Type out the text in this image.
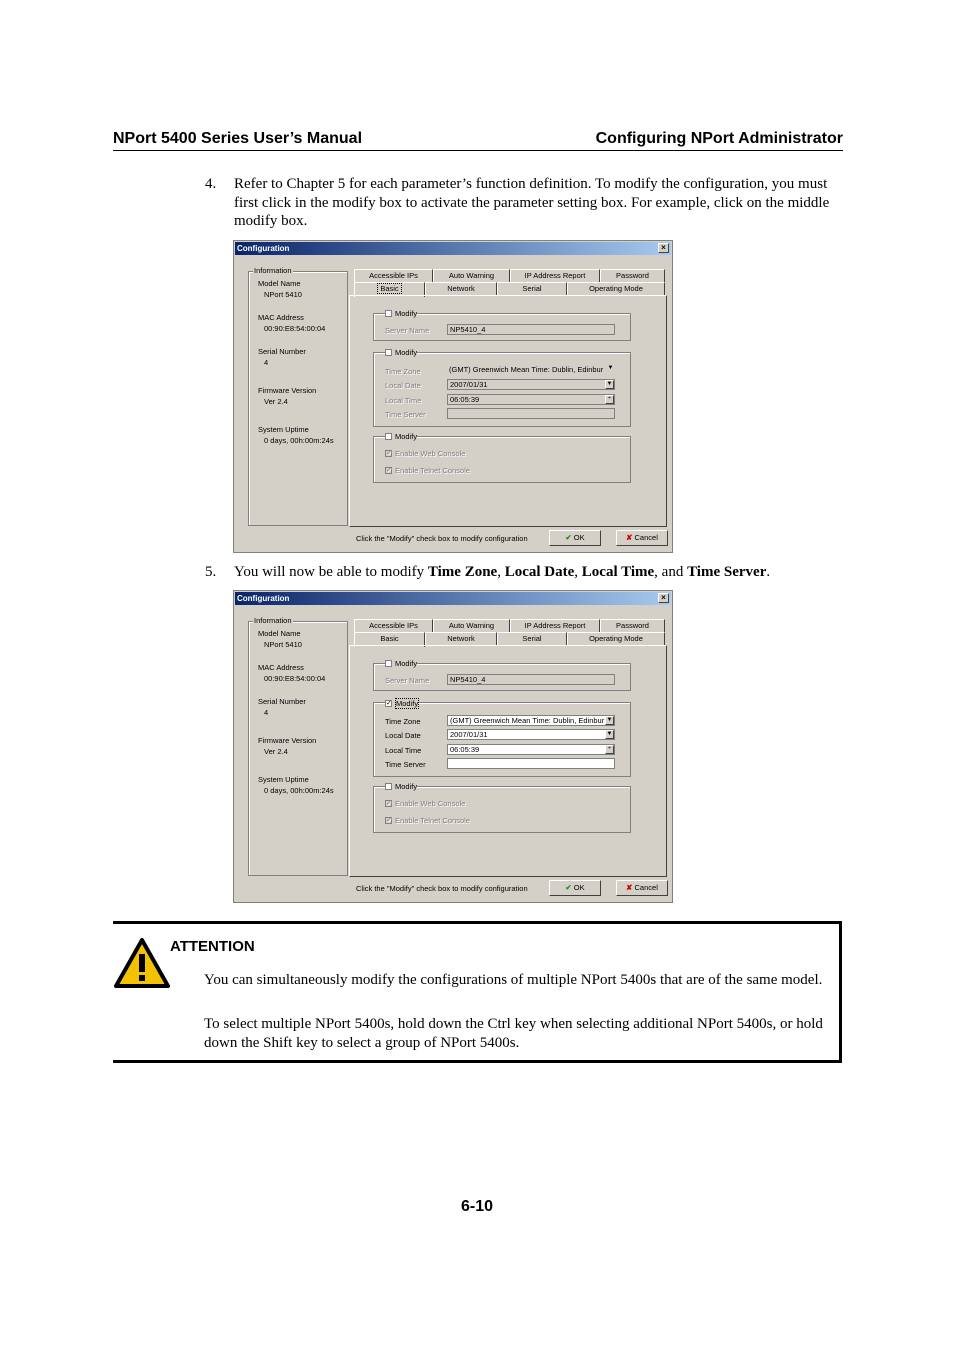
NPort 5400 Series User’s Manual	Configuring NPort Administrator
4. Refer to Chapter 5 for each parameter’s function definition. To modify the configuration, you must first click in the modify box to activate the parameter setting box. For example, click on the middle modify box.
Configuration	×
Information
Model Name
NPort 5410
MAC Address
00:90:E8:54:00:04
Serial Number
4
Firmware Version
Ver 2.4
System Uptime
0 days, 00h:00m:24s
Accessible IPs	Auto Warning	IP Address Report	Password
Basic	Network	Serial	Operating Mode
Modify
Server Name	NP5410_4
Modify
Time Zone	(GMT) Greenwich Mean Time: Dublin, Edinbur ▼
Local Date	2007/01/31	▼
Local Time	06:05:39	÷
Time Server
Modify
✓ Enable Web Console
✓ Enable Telnet Console
Click the "Modify" check box to modify configuration	✔ OK	✘ Cancel
5. You will now be able to modify Time Zone, Local Date, Local Time, and Time Server.
Configuration	×
Information
Model Name
NPort 5410
MAC Address
00:90:E8:54:00:04
Serial Number
4
Firmware Version
Ver 2.4
System Uptime
0 days, 00h:00m:24s
Accessible IPs	Auto Warning	IP Address Report	Password
Basic	Network	Serial	Operating Mode
Modify
Server Name	NP5410_4
✓ Modify
Time Zone	(GMT) Greenwich Mean Time: Dublin, Edinbur ▼
Local Date	2007/01/31	▼
Local Time	06:05:39	÷
Time Server
Modify
✓ Enable Web Console
✓ Enable Telnet Console
Click the "Modify" check box to modify configuration	✔ OK	✘ Cancel
ATTENTION
You can simultaneously modify the configurations of multiple NPort 5400s that are of the same model.
To select multiple NPort 5400s, hold down the Ctrl key when selecting additional NPort 5400s, or hold down the Shift key to select a group of NPort 5400s.
6-10
